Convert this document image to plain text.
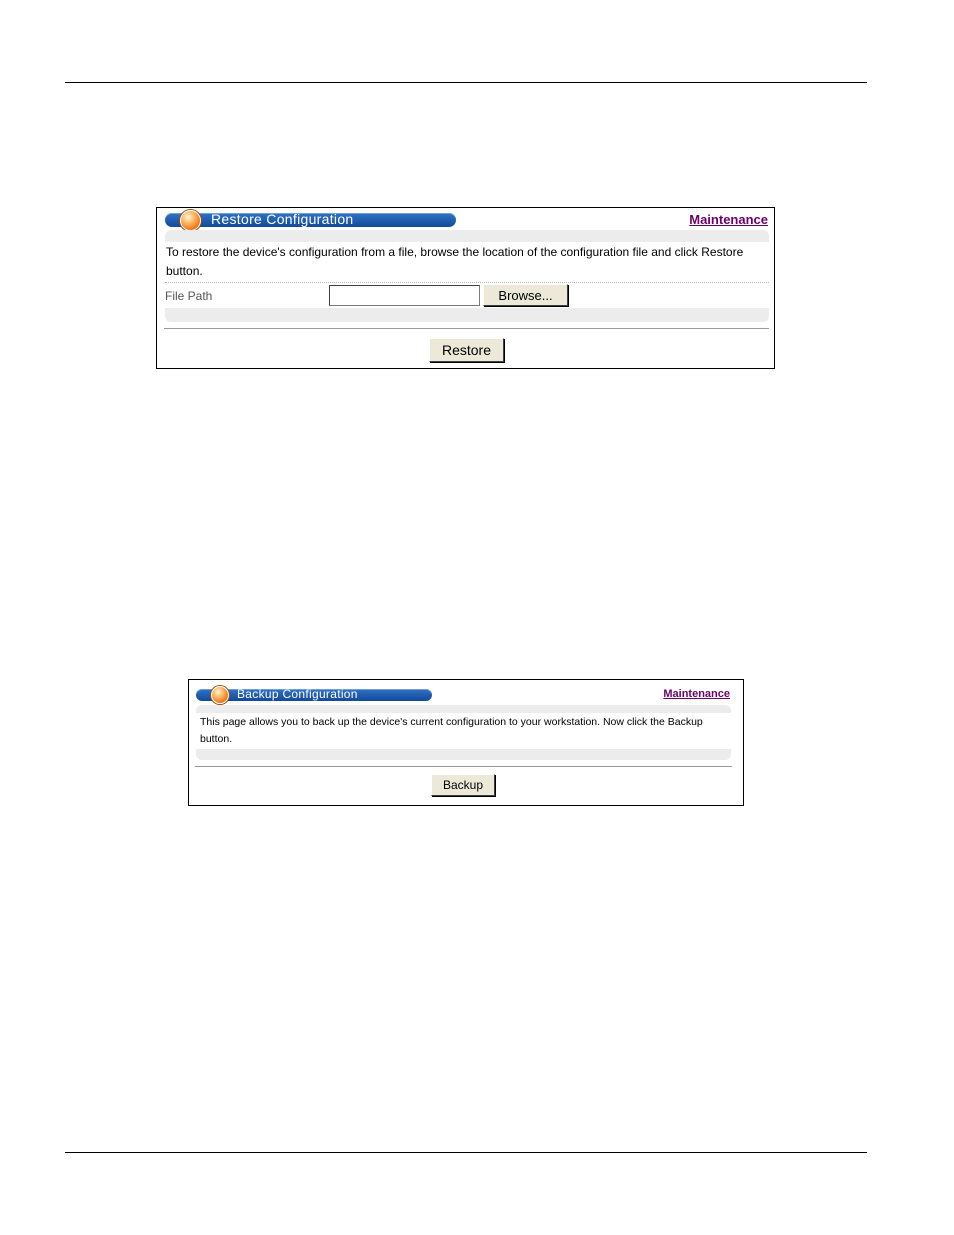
Restore Configuration	Maintenance
To restore the device's configuration from a file, browse the location of the configuration file and click Restore button.
File Path	Browse...
Restore
Backup Configuration	Maintenance
This page allows you to back up the device's current configuration to your workstation. Now click the Backup button.
Backup
